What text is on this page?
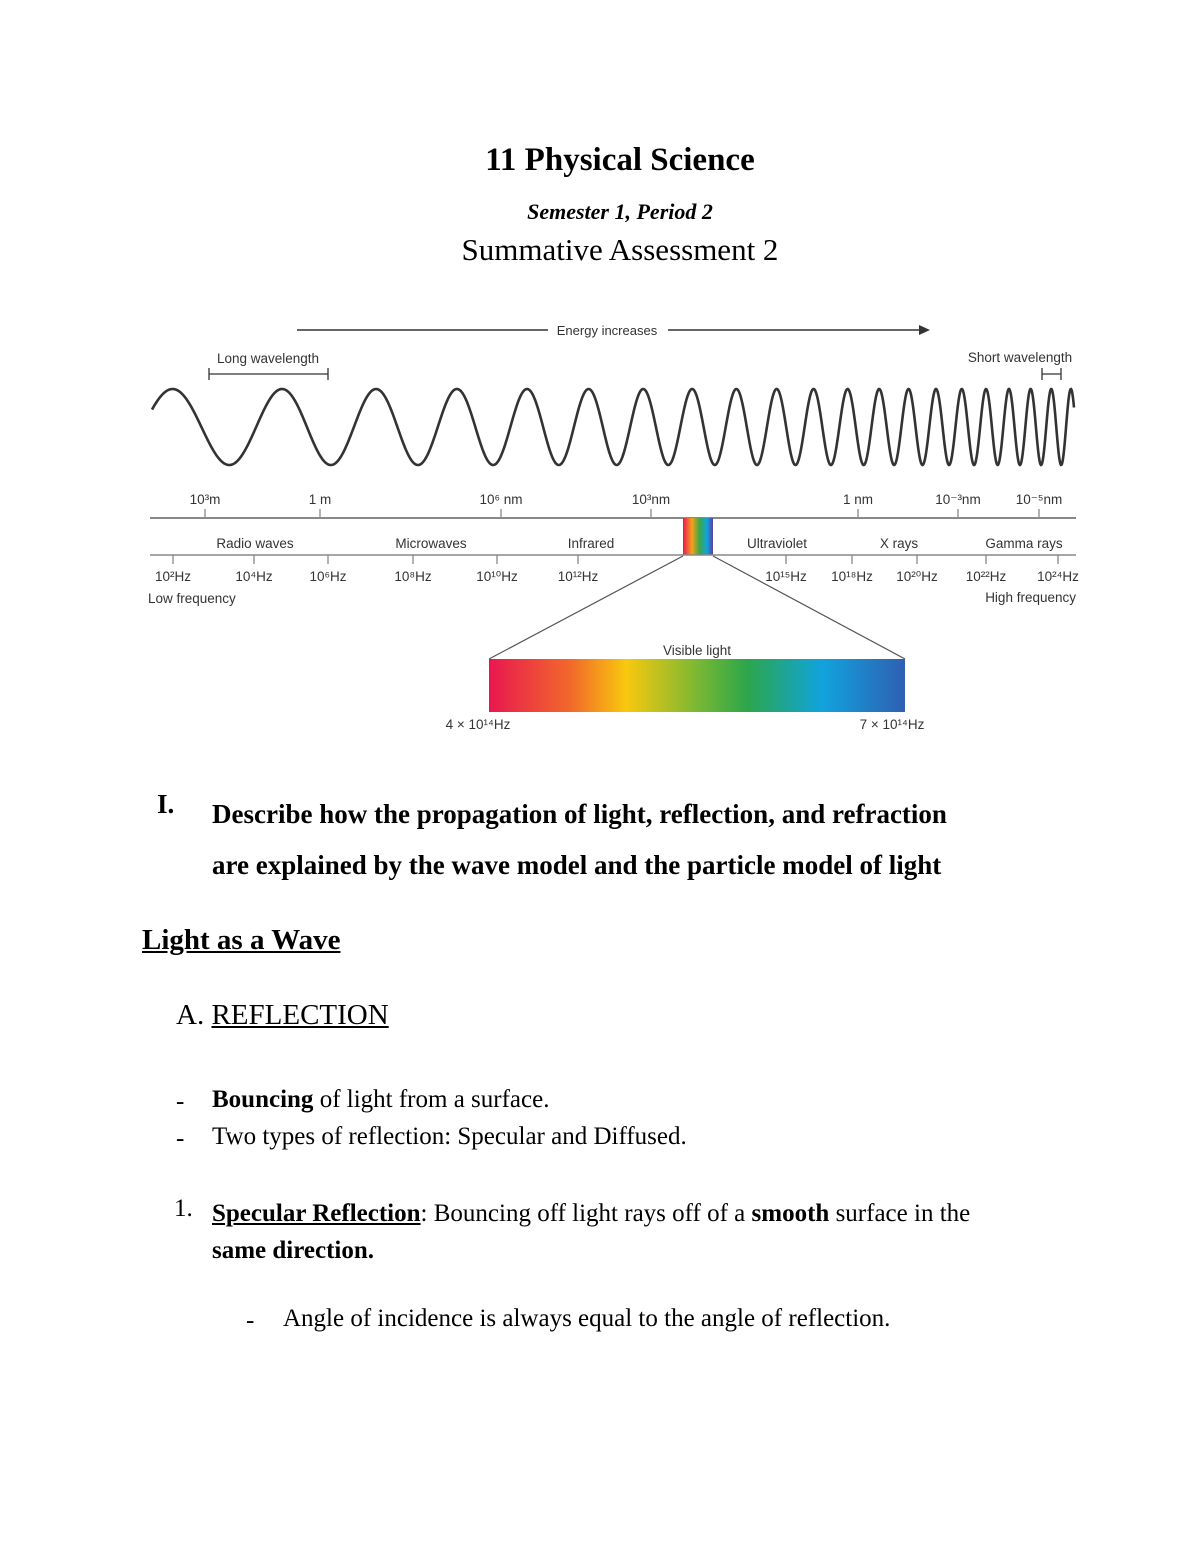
11 Physical Science
Semester 1, Period 2
Summative Assessment 2
Energy increases
Long wavelength	Short wavelength
10³m	1 m	10⁶ nm	10³nm	1 nm	10⁻³nm	10⁻⁵nm
Radio waves	Microwaves	Infrared	Ultraviolet	X rays	Gamma rays
10²Hz	10⁴Hz	10⁶Hz	10⁸Hz	10¹⁰Hz	10¹²Hz	10¹⁵Hz 10¹⁸Hz 10²⁰Hz 10²²Hz 10²⁴Hz
Low frequency	High frequency
Visible light
4 × 10¹⁴Hz	7 × 10¹⁴Hz
I. Describe how the propagation of light, reflection, and refraction
are explained by the wave model and the particle model of light
Light as a Wave
A. REFLECTION
- Bouncing of light from a surface.
- Two types of reflection: Specular and Diffused.
1. Specular Reflection: Bouncing off light rays off of a smooth surface in the
same direction.
- Angle of incidence is always equal to the angle of reflection.
